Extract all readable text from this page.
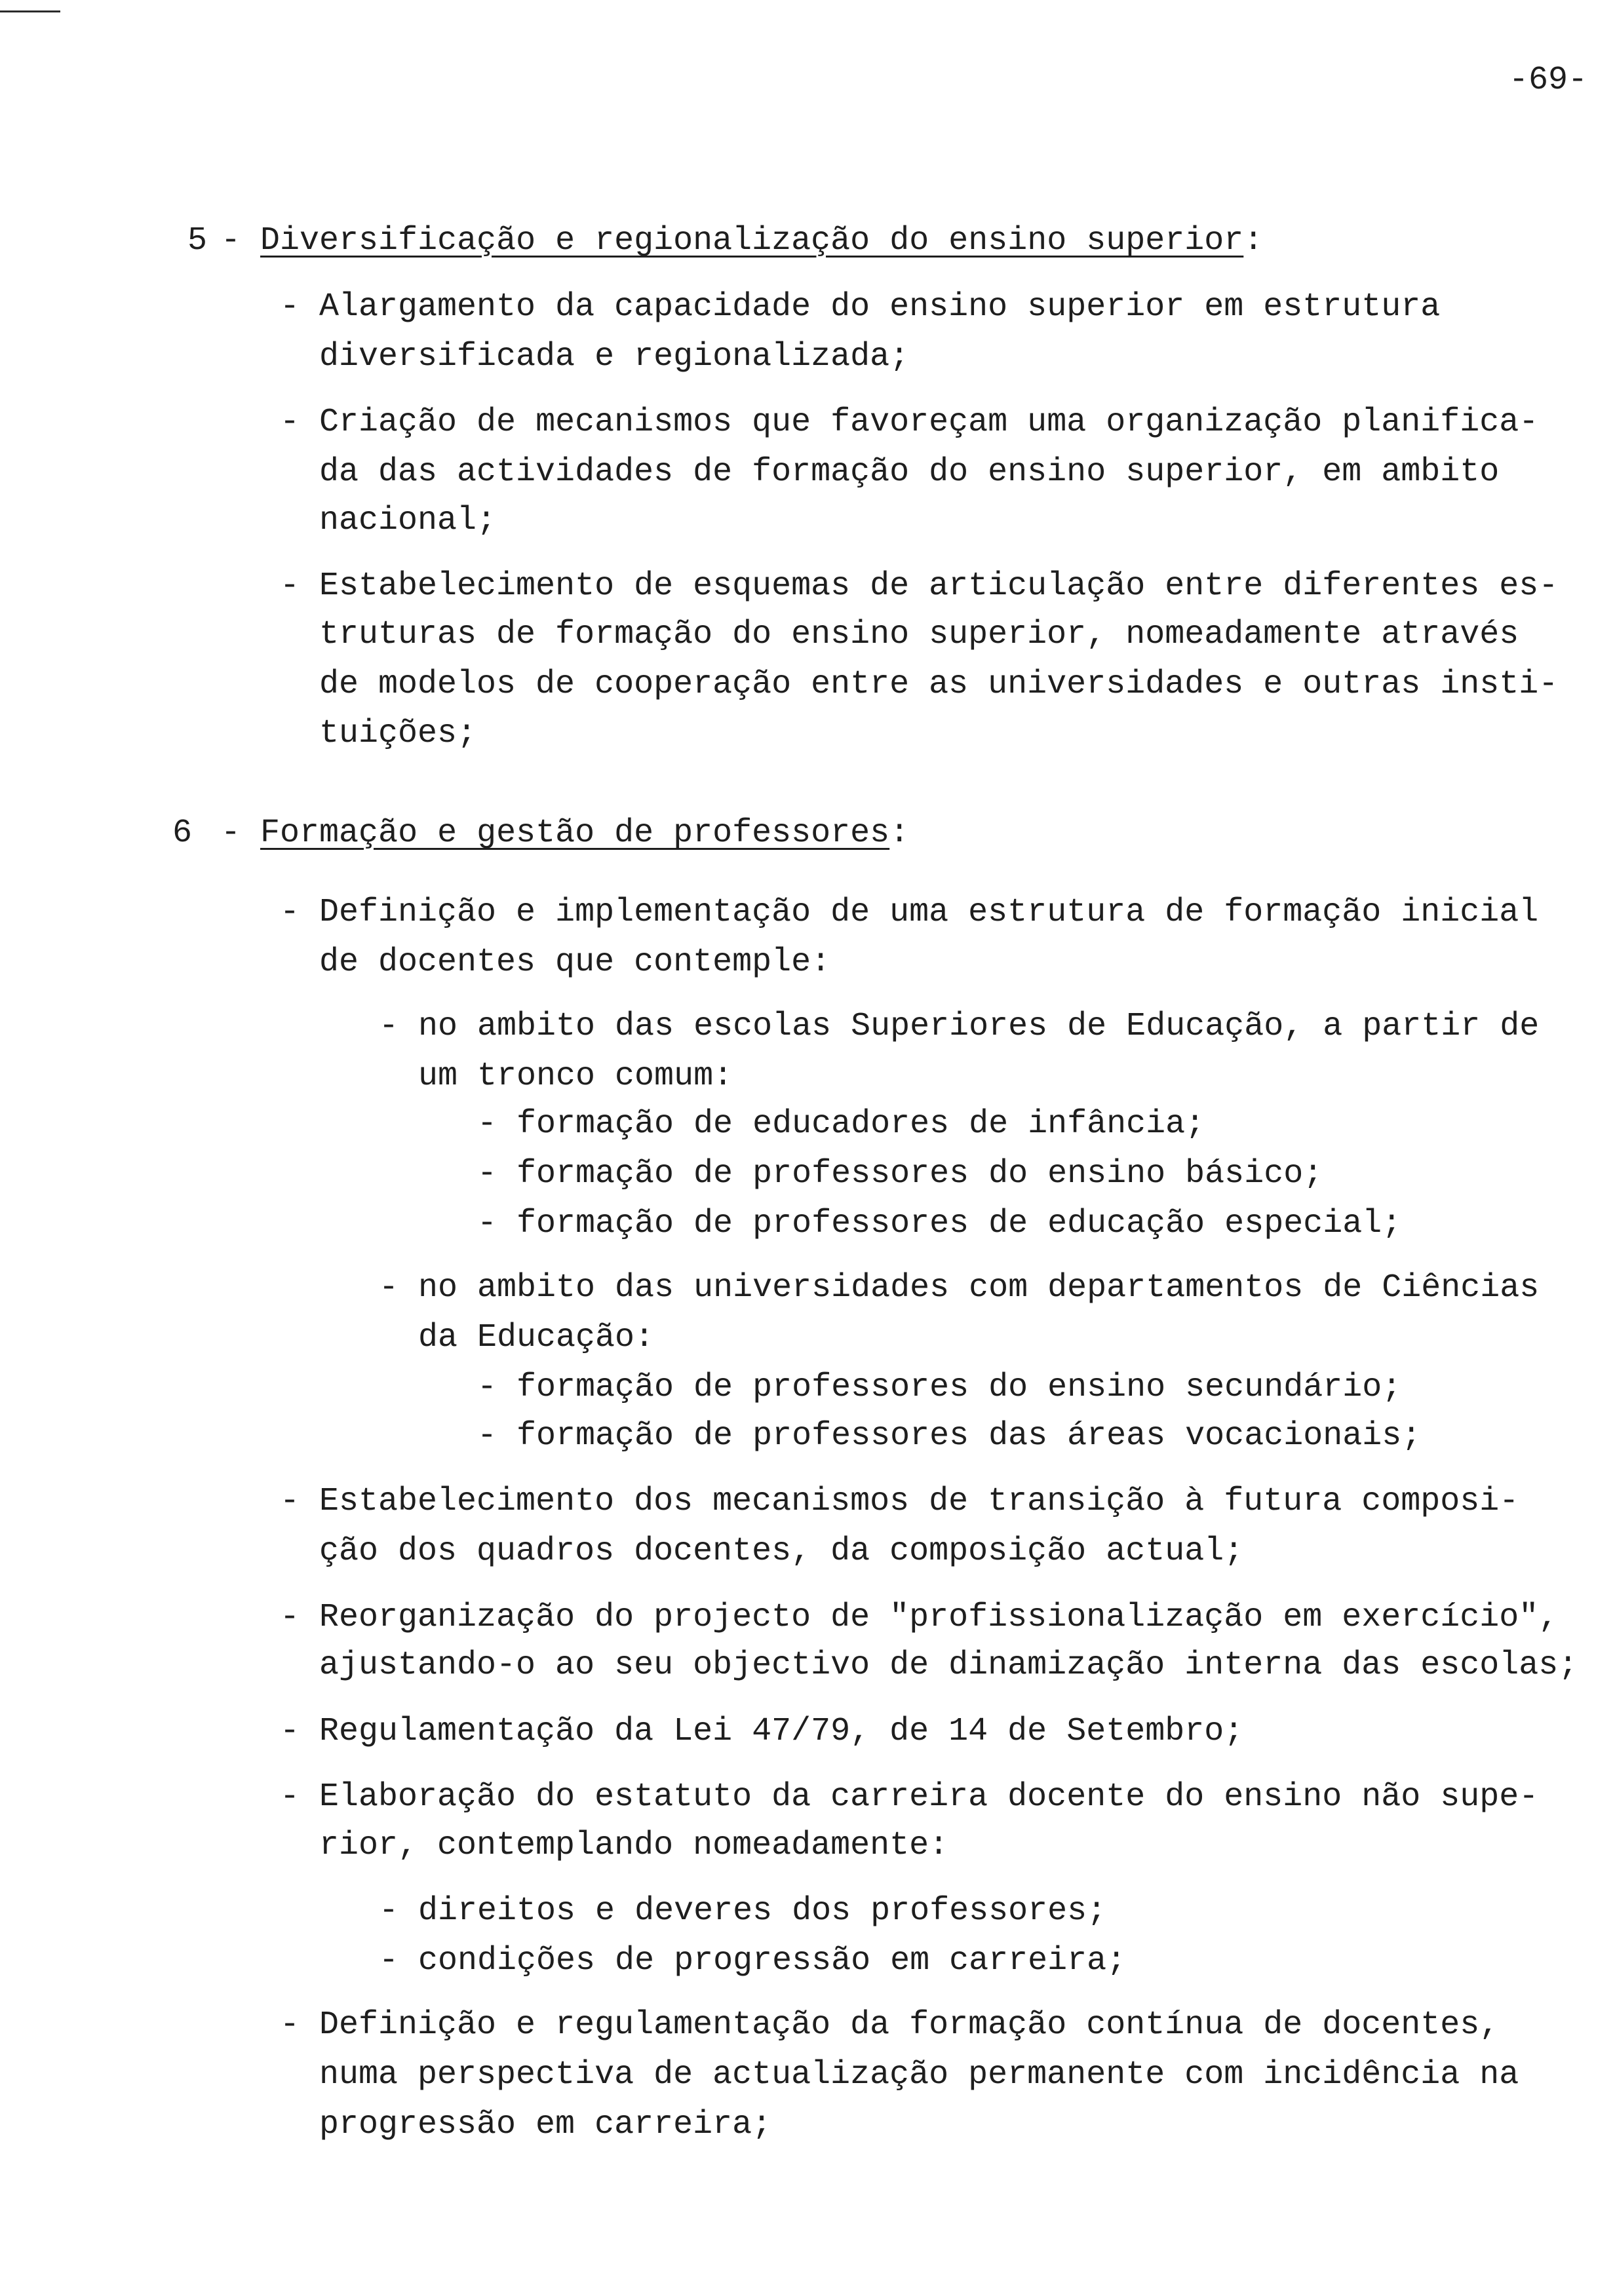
-69-
5 - Diversificação e regionalização do ensino superior:
- Alargamento da capacidade do ensino superior em estrutura
diversificada e regionalizada;
- Criação de mecanismos que favoreçam uma organização planifica-
da das actividades de formação do ensino superior, em ambito
nacional;
- Estabelecimento de esquemas de articulação entre diferentes es-
truturas de formação do ensino superior, nomeadamente através
de modelos de cooperação entre as universidades e outras insti-
tuições;
6 - Formação e gestão de professores:
- Definição e implementação de uma estrutura de formação inicial
de docentes que contemple:
- no ambito das escolas Superiores de Educação, a partir de
um tronco comum:
- formação de educadores de infância;
- formação de professores do ensino básico;
- formação de professores de educação especial;
- no ambito das universidades com departamentos de Ciências
da Educação:
- formação de professores do ensino secundário;
- formação de professores das áreas vocacionais;
- Estabelecimento dos mecanismos de transição à futura composi-
ção dos quadros docentes, da composição actual;
- Reorganização do projecto de "profissionalização em exercício",
ajustando-o ao seu objectivo de dinamização interna das escolas;
- Regulamentação da Lei 47/79, de 14 de Setembro;
- Elaboração do estatuto da carreira docente do ensino não supe-
rior, contemplando nomeadamente:
- direitos e deveres dos professores;
- condições de progressão em carreira;
- Definição e regulamentação da formação contínua de docentes,
numa perspectiva de actualização permanente com incidência na
progressão em carreira;
